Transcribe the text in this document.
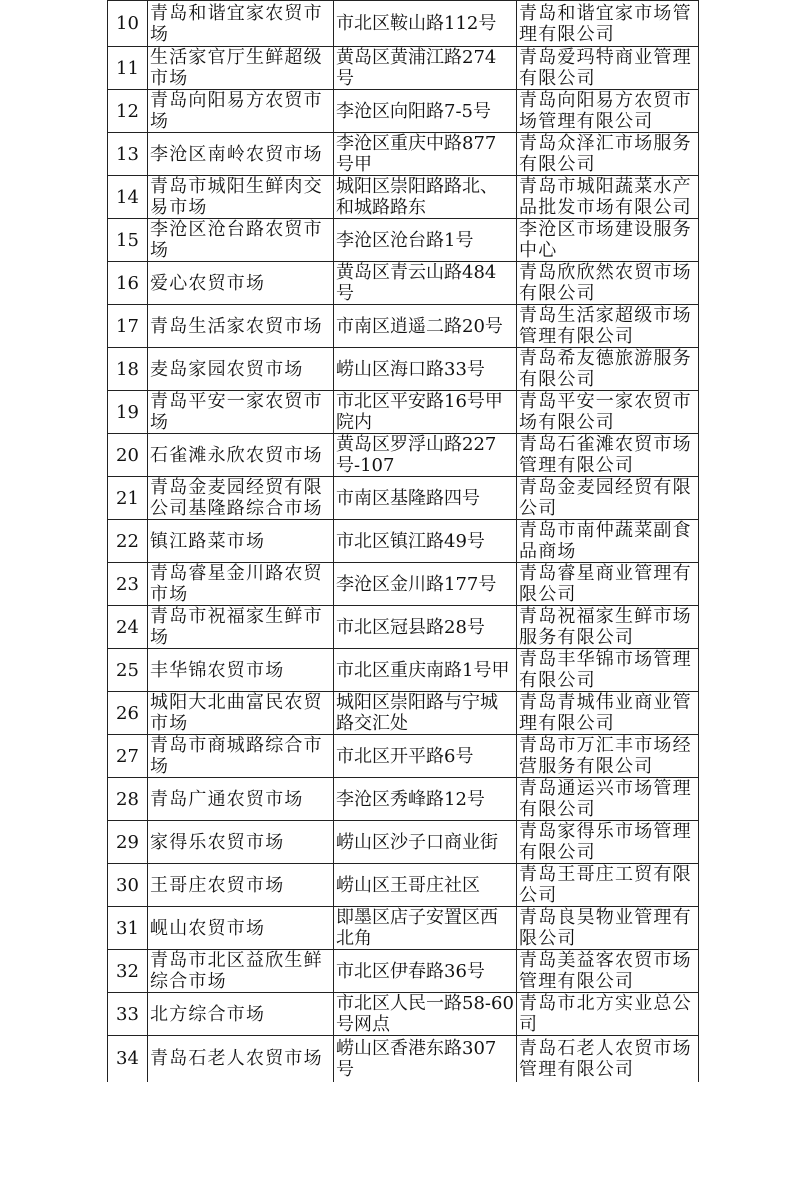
10	青岛和谐宜家农贸市场	市北区鞍山路112号	青岛和谐宜家市场管理有限公司
11	生活家官厅生鲜超级市场	黄岛区黄浦江路274号	青岛爱玛特商业管理有限公司
12	青岛向阳易方农贸市场	李沧区向阳路7-5号	青岛向阳易方农贸市场管理有限公司
13	李沧区南岭农贸市场	李沧区重庆中路877号甲	青岛众泽汇市场服务有限公司
14	青岛市城阳生鲜肉交易市场	城阳区崇阳路路北、和城路路东	青岛市城阳蔬菜水产品批发市场有限公司
15	李沧区沧台路农贸市场	李沧区沧台路1号	李沧区市场建设服务中心
16	爱心农贸市场	黄岛区青云山路484号	青岛欣欣然农贸市场有限公司
17	青岛生活家农贸市场	市南区逍遥二路20号	青岛生活家超级市场管理有限公司
18	麦岛家园农贸市场	崂山区海口路33号	青岛希友德旅游服务有限公司
19	青岛平安一家农贸市场	市北区平安路16号甲院内	青岛平安一家农贸市场有限公司
20	石雀滩永欣农贸市场	黄岛区罗浮山路227号-107	青岛石雀滩农贸市场管理有限公司
21	青岛金麦园经贸有限公司基隆路综合市场	市南区基隆路四号	青岛金麦园经贸有限公司
22	镇江路菜市场	市北区镇江路49号	青岛市南仲蔬菜副食品商场
23	青岛睿星金川路农贸市场	李沧区金川路177号	青岛睿星商业管理有限公司
24	青岛市祝福家生鲜市场	市北区冠县路28号	青岛祝福家生鲜市场服务有限公司
25	丰华锦农贸市场	市北区重庆南路1号甲	青岛丰华锦市场管理有限公司
26	城阳大北曲富民农贸市场	城阳区崇阳路与宁城路交汇处	青岛青城伟业商业管理有限公司
27	青岛市商城路综合市场	市北区开平路6号	青岛市万汇丰市场经营服务有限公司
28	青岛广通农贸市场	李沧区秀峰路12号	青岛通运兴市场管理有限公司
29	家得乐农贸市场	崂山区沙子口商业街	青岛家得乐市场管理有限公司
30	王哥庄农贸市场	崂山区王哥庄社区	青岛王哥庄工贸有限公司
31	岘山农贸市场	即墨区店子安置区西北角	青岛良昊物业管理有限公司
32	青岛市北区益欣生鲜综合市场	市北区伊春路36号	青岛美益客农贸市场管理有限公司
33	北方综合市场	市北区人民一路58-60号网点	青岛市北方实业总公司
34	青岛石老人农贸市场	崂山区香港东路307号	青岛石老人农贸市场管理有限公司
